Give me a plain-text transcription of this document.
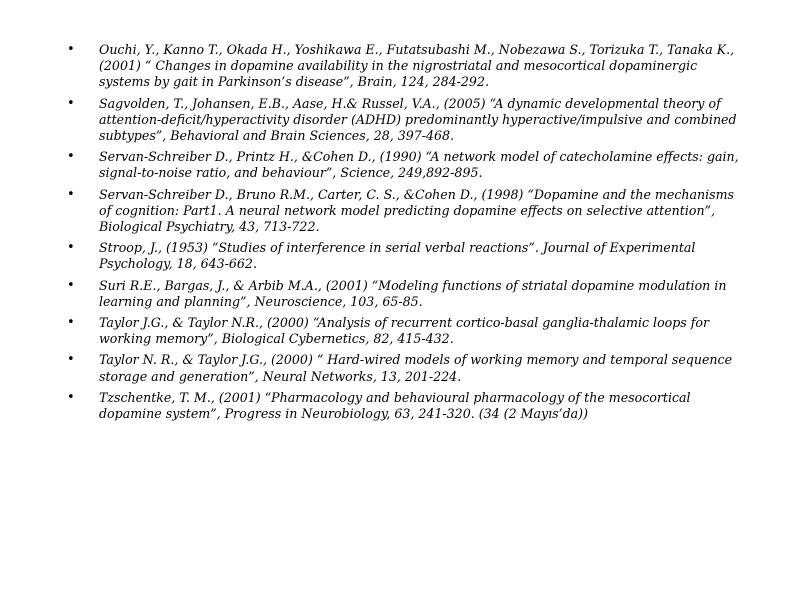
• Ouchi, Y., Kanno T., Okada H., Yoshikawa E., Futatsubashi M., Nobezawa S., Torizuka T., Tanaka K., (2001) “ Changes in dopamine availability in the nigrostriatal and mesocortical dopaminergic systems by gait in Parkinson’s disease”, Brain, 124, 284-292.
• Sagvolden, T., Johansen, E.B., Aase, H.& Russel, V.A., (2005) “A dynamic developmental theory of attention-deficit/hyperactivity disorder (ADHD) predominantly hyperactive/impulsive and combined subtypes”, Behavioral and Brain Sciences, 28, 397-468.
• Servan-Schreiber D., Printz H., &Cohen D., (1990) “A network model of catecholamine effects: gain, signal-to-noise ratio, and behaviour”, Science, 249,892-895.
• Servan-Schreiber D., Bruno R.M., Carter, C. S., &Cohen D., (1998) “Dopamine and the mechanisms of cognition: Part1. A neural network model predicting dopamine effects on selective attention”, Biological Psychiatry, 43, 713-722.
• Stroop, J., (1953) “Studies of interference in serial verbal reactions”. Journal of Experimental Psychology, 18, 643-662.
• Suri R.E., Bargas, J., & Arbib M.A., (2001) “Modeling functions of striatal dopamine modulation in learning and planning”, Neuroscience, 103, 65-85.
• Taylor J.G., & Taylor N.R., (2000) “Analysis of recurrent cortico-basal ganglia-thalamic loops for working memory”, Biological Cybernetics, 82, 415-432.
• Taylor N. R., & Taylor J.G., (2000) “ Hard-wired models of working memory and temporal sequence storage and generation”, Neural Networks, 13, 201-224.
• Tzschentke, T. M., (2001) “Pharmacology and behavioural pharmacology of the mesocortical dopamine system”, Progress in Neurobiology, 63, 241-320. (34 (2 Mayıs’da))
